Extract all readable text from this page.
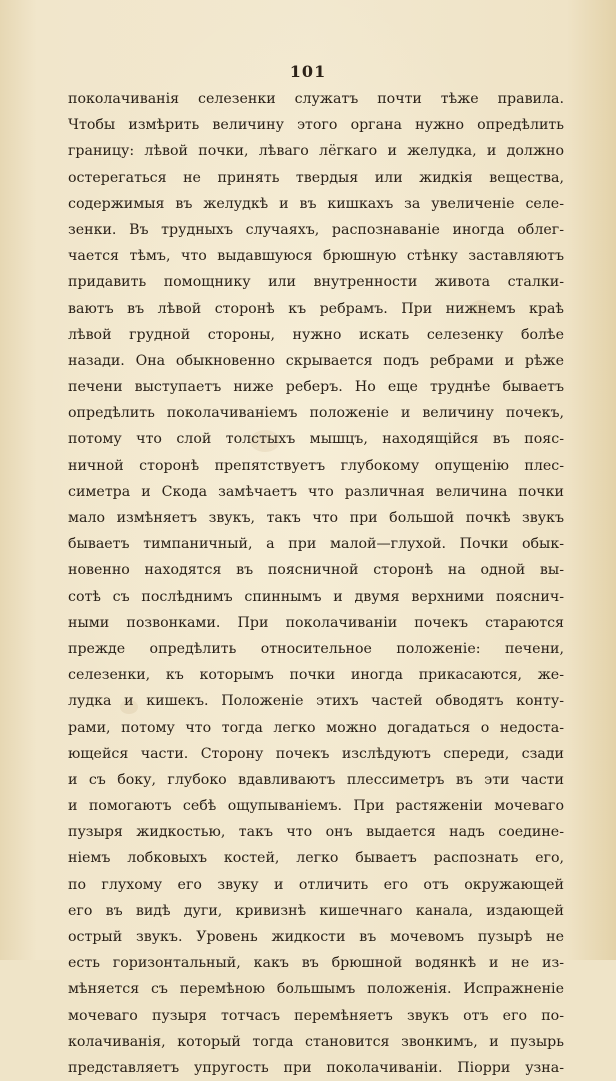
101
поколачиванія селезенки служатъ почти тѣже правила.
Чтобы измѣрить величину этого органа нужно опредѣлить
границу: лѣвой почки, лѣваго лёгкаго и желудка, и должно
остерегаться не принять твердыя или жидкія вещества,
содержимыя въ желудкѣ и въ кишкахъ за увеличеніе селе-
зенки. Въ трудныхъ случаяхъ, распознаваніе иногда облег-
чается тѣмъ, что выдавшуюся брюшную стѣнку заставляютъ
придавить помощнику или внутренности живота сталки-
ваютъ въ лѣвой сторонѣ къ ребрамъ. При нижнемъ краѣ
лѣвой грудной стороны, нужно искать селезенку болѣе
назади. Она обыкновенно скрывается подъ ребрами и рѣже
печени выступаетъ ниже реберъ. Но еще труднѣе бываетъ
опредѣлить поколачиваніемъ положеніе и величину почекъ,
потому что слой толстыхъ мышцъ, находящійся въ пояс-
ничной сторонѣ препятствуетъ глубокому опущенію плес-
симетра и Скода замѣчаетъ что различная величина почки
мало измѣняетъ звукъ, такъ что при большой почкѣ звукъ
бываетъ тимпаничный, а при малой—глухой. Почки обык-
новенно находятся въ поясничной сторонѣ на одной вы-
сотѣ съ послѣднимъ спиннымъ и двумя верхними пояснич-
ными позвонками. При поколачиваніи почекъ стараются
прежде опредѣлить относительное положеніе: печени,
селезенки, къ которымъ почки иногда прикасаются, же-
лудка и кишекъ. Положеніе этихъ частей обводятъ конту-
рами, потому что тогда легко можно догадаться о недоста-
ющейся части. Сторону почекъ изслѣдуютъ спереди, сзади
и съ боку, глубоко вдавливаютъ плессиметръ въ эти части
и помогаютъ себѣ ощупываніемъ. При растяженіи мочеваго
пузыря жидкостью, такъ что онъ выдается надъ соедине-
ніемъ лобковыхъ костей, легко бываетъ распознать его,
по глухому его звуку и отличить его отъ окружающей
его въ видѣ дуги, кривизнѣ кишечнаго канала, издающей
острый звукъ. Уровень жидкости въ мочевомъ пузырѣ не
есть горизонтальный, какъ въ брюшной водянкѣ и не из-
мѣняется съ перемѣною большымъ положенія. Испражненіе
мочеваго пузыря тотчасъ перемѣняетъ звукъ отъ его по-
колачиванія, который тогда становится звонкимъ, и пузырь
представляетъ упругость при поколачиваніи. Піорри узна-
